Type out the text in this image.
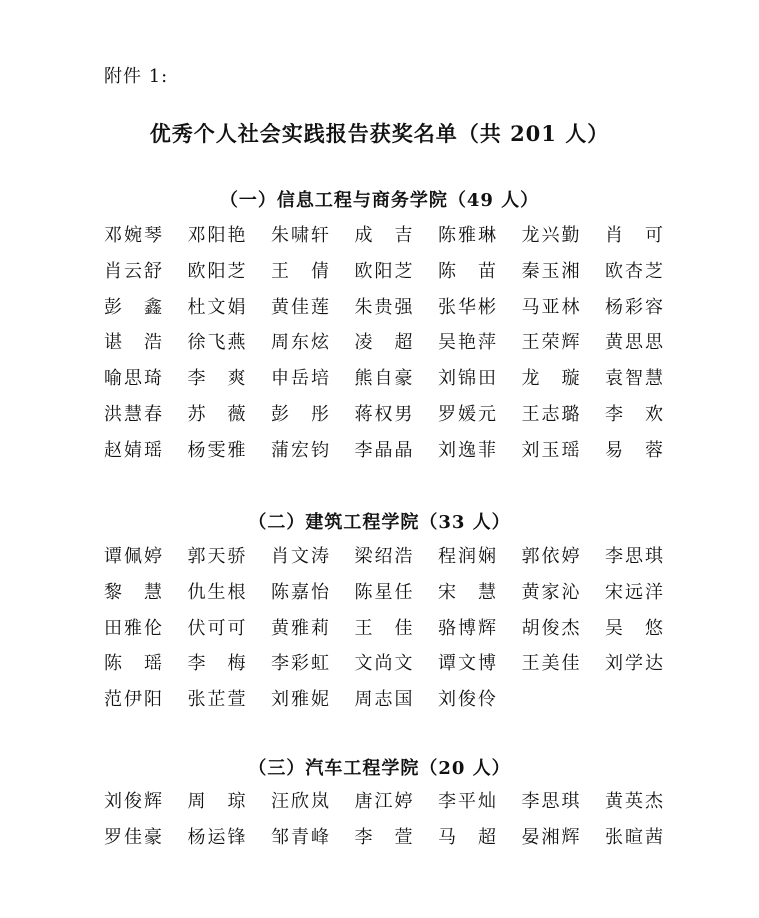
附件 1:
优秀个人社会实践报告获奖名单（共 201 人）
（一）信息工程与商务学院（49 人）
邓婉琴 邓阳艳 朱啸轩 成 吉 陈雅琳 龙兴勤 肖 可
肖云舒 欧阳芝 王 倩 欧阳芝 陈 苗 秦玉湘 欧杏芝
彭 鑫 杜文娟 黄佳莲 朱贵强 张华彬 马亚林 杨彩容
谌 浩 徐飞燕 周东炫 凌 超 吴艳萍 王荣辉 黄思思
喻思琦 李 爽 申岳培 熊自豪 刘锦田 龙 璇 袁智慧
洪慧春 苏 薇 彭 彤 蒋权男 罗媛元 王志璐 李 欢
赵婧瑶 杨雯雅 蒲宏钧 李晶晶 刘逸菲 刘玉瑶 易 蓉
（二）建筑工程学院（33 人）
谭佩婷 郭天骄 肖文涛 梁绍浩 程润娴 郭依婷 李思琪
黎 慧 仇生根 陈嘉怡 陈星任 宋 慧 黄家沁 宋远洋
田雅伦 伏可可 黄雅莉 王 佳 骆博辉 胡俊杰 吴 悠
陈 瑶 李 梅 李彩虹 文尚文 谭文博 王美佳 刘学达
范伊阳 张芷萱 刘雅妮 周志国 刘俊伶
（三）汽车工程学院（20 人）
刘俊辉 周 琼 汪欣岚 唐江婷 李平灿 李思琪 黄英杰
罗佳豪 杨运锋 邹青峰 李 萱 马 超 晏湘辉 张暄茜
